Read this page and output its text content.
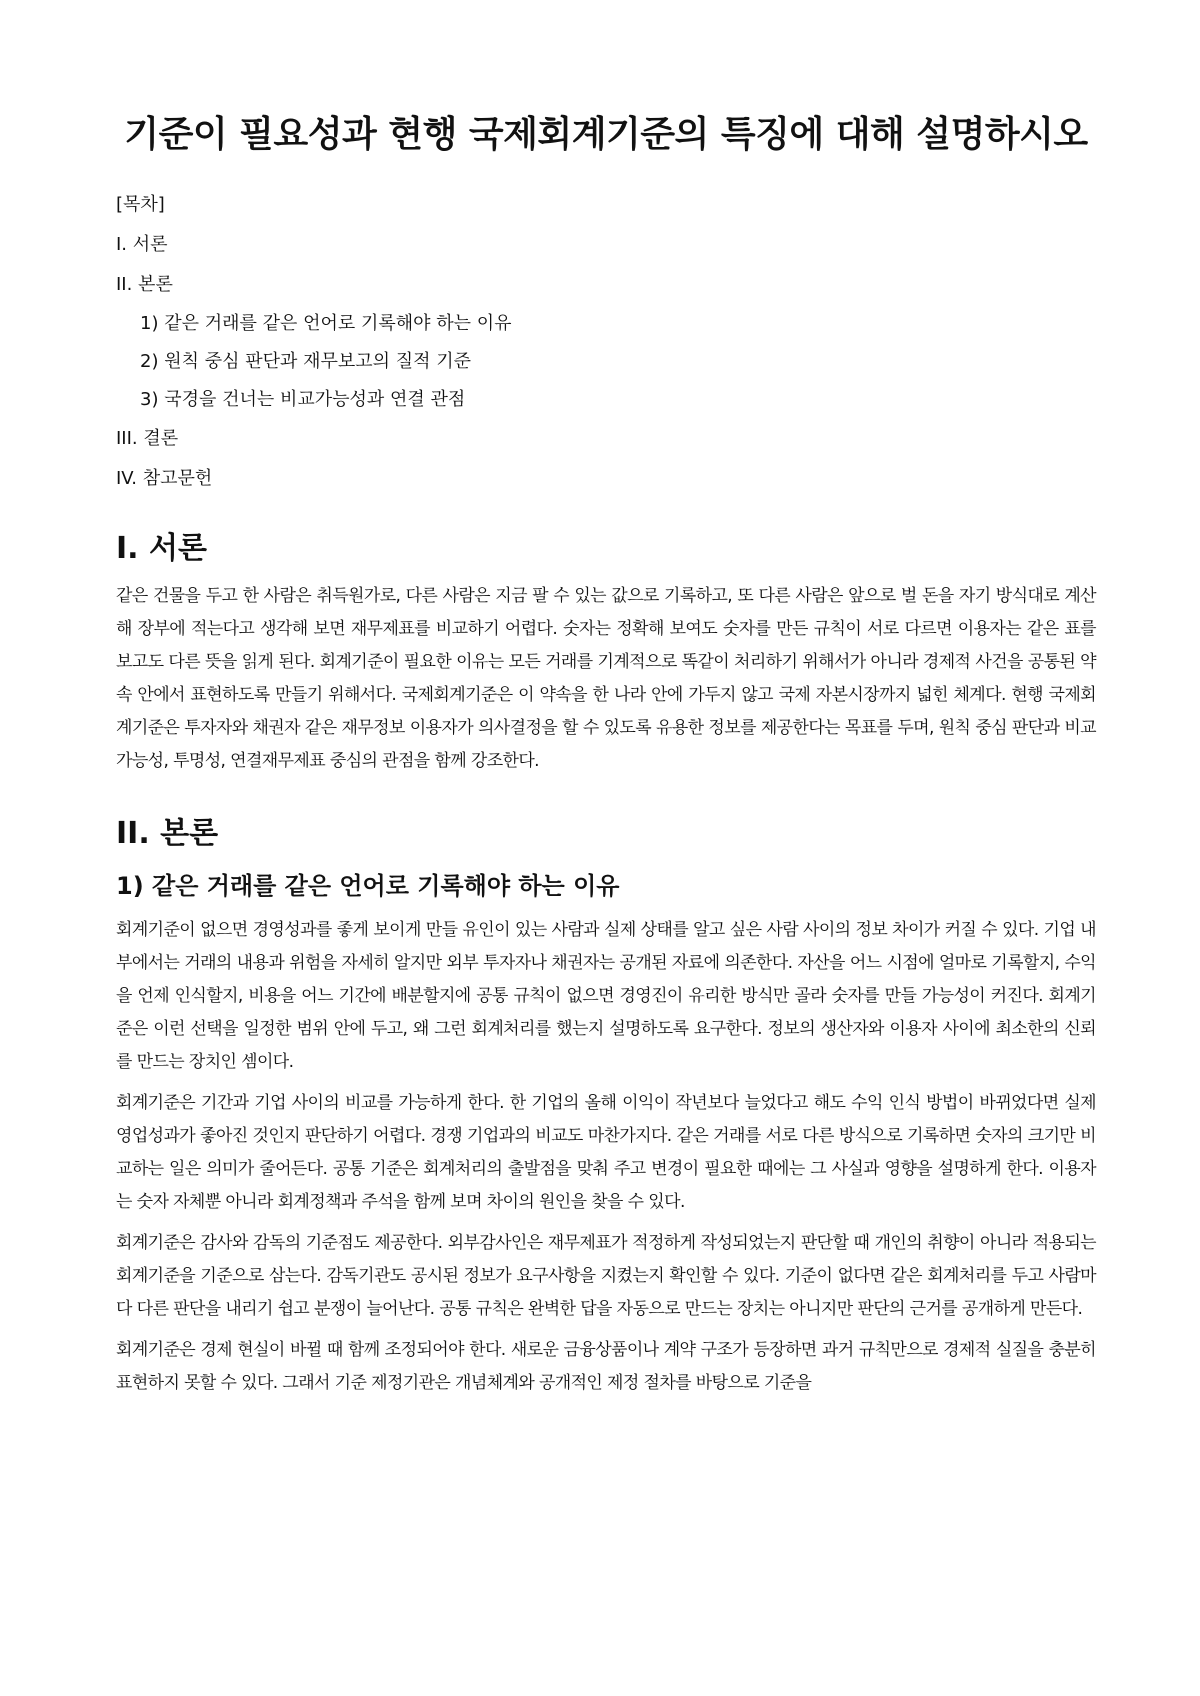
기준이 필요성과 현행 국제회계기준의 특징에 대해 설명하시오
[목차]
I. 서론
II. 본론
1) 같은 거래를 같은 언어로 기록해야 하는 이유
2) 원칙 중심 판단과 재무보고의 질적 기준
3) 국경을 건너는 비교가능성과 연결 관점
III. 결론
IV. 참고문헌
I. 서론

같은 건물을 두고 한 사람은 취득원가로, 다른 사람은 지금 팔 수 있는 값으로 기록하고, 또 다른 사람은 앞으로 벌 돈을 자기 방식대로 계산해 장부에 적는다고 생각해 보면 재무제표를 비교하기 어렵다. 숫자는 정확해 보여도 숫자를 만든 규칙이 서로 다르면 이용자는 같은 표를 보고도 다른 뜻을 읽게 된다. 회계기준이 필요한 이유는 모든 거래를 기계적으로 똑같이 처리하기 위해서가 아니라 경제적 사건을 공통된 약속 안에서 표현하도록 만들기 위해서다. 국제회계기준은 이 약속을 한 나라 안에 가두지 않고 국제 자본시장까지 넓힌 체계다. 현행 국제회계기준은 투자자와 채권자 같은 재무정보 이용자가 의사결정을 할 수 있도록 유용한 정보를 제공한다는 목표를 두며, 원칙 중심 판단과 비교가능성, 투명성, 연결재무제표 중심의 관점을 함께 강조한다.

II. 본론
1) 같은 거래를 같은 언어로 기록해야 하는 이유

회계기준이 없으면 경영성과를 좋게 보이게 만들 유인이 있는 사람과 실제 상태를 알고 싶은 사람 사이의 정보 차이가 커질 수 있다. 기업 내부에서는 거래의 내용과 위험을 자세히 알지만 외부 투자자나 채권자는 공개된 자료에 의존한다. 자산을 어느 시점에 얼마로 기록할지, 수익을 언제 인식할지, 비용을 어느 기간에 배분할지에 공통 규칙이 없으면 경영진이 유리한 방식만 골라 숫자를 만들 가능성이 커진다. 회계기준은 이런 선택을 일정한 범위 안에 두고, 왜 그런 회계처리를 했는지 설명하도록 요구한다. 정보의 생산자와 이용자 사이에 최소한의 신뢰를 만드는 장치인 셈이다.

회계기준은 기간과 기업 사이의 비교를 가능하게 한다. 한 기업의 올해 이익이 작년보다 늘었다고 해도 수익 인식 방법이 바뀌었다면 실제 영업성과가 좋아진 것인지 판단하기 어렵다. 경쟁 기업과의 비교도 마찬가지다. 같은 거래를 서로 다른 방식으로 기록하면 숫자의 크기만 비교하는 일은 의미가 줄어든다. 공통 기준은 회계처리의 출발점을 맞춰 주고 변경이 필요한 때에는 그 사실과 영향을 설명하게 한다. 이용자는 숫자 자체뿐 아니라 회계정책과 주석을 함께 보며 차이의 원인을 찾을 수 있다.

회계기준은 감사와 감독의 기준점도 제공한다. 외부감사인은 재무제표가 적정하게 작성되었는지 판단할 때 개인의 취향이 아니라 적용되는 회계기준을 기준으로 삼는다. 감독기관도 공시된 정보가 요구사항을 지켰는지 확인할 수 있다. 기준이 없다면 같은 회계처리를 두고 사람마다 다른 판단을 내리기 쉽고 분쟁이 늘어난다. 공통 규칙은 완벽한 답을 자동으로 만드는 장치는 아니지만 판단의 근거를 공개하게 만든다.

회계기준은 경제 현실이 바뀔 때 함께 조정되어야 한다. 새로운 금융상품이나 계약 구조가 등장하면 과거 규칙만으로 경제적 실질을 충분히 표현하지 못할 수 있다. 그래서 기준 제정기관은 개념체계와 공개적인 제정 절차를 바탕으로 기준을
